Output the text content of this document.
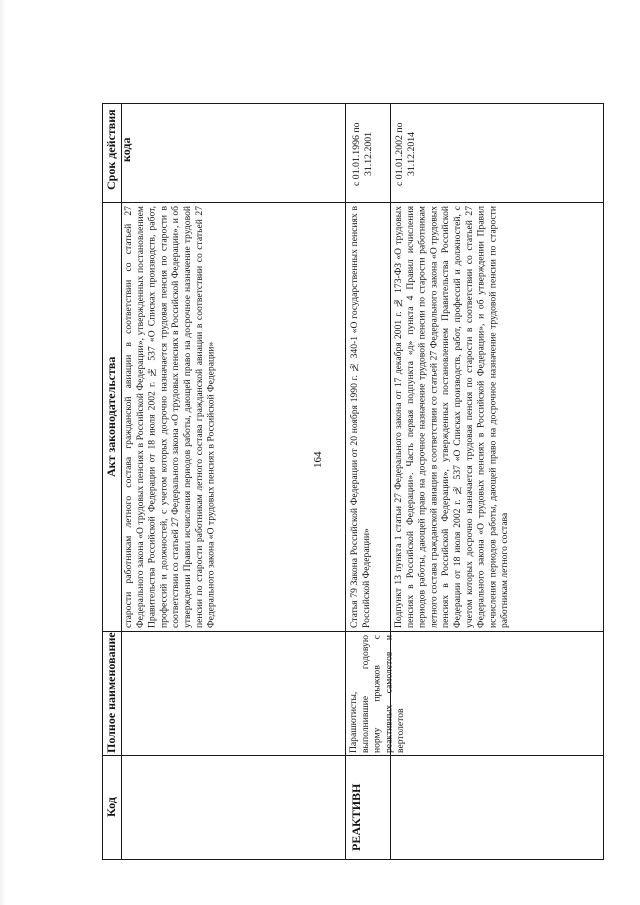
164
Срок действия кода
Акт законодательства
Полное наименование
Код
старости работникам летного состава гражданской авиации в соответствии со статьей 27 Федерального закона «О трудовых пенсиях в Российской Федерации», утвержденных постановлением Правительства Российской Федерации от 18 июля 2002 г. № 537 «О Списках производств, работ, профессий и должностей, с учетом которых досрочно назначается трудовая пенсия по старости в соответствии со статьей 27 Федерального закона «О трудовых пенсиях в Российской Федерации», и об утверждении Правил исчисления периодов работы, дающей право на досрочное назначение трудовой пенсии по старости работникам летного состава гражданской авиации в соответствии со статьей 27 Федерального закона «О трудовых пенсиях в Российской Федерации»
РЕАКТИВН
Парашютисты, выполнившие годовую норму прыжков с реактивных самолетов и вертолетов
Статья 79 Закона Российской Федерации от 20 ноября 1990 г. № 340-1 «О государственных пенсиях в Российской Федерации»
с 01.01.1996 по 31.12.2001
Подпункт 13 пункта 1 статьи 27 Федерального закона от 17 декабря 2001 г. № 173-ФЗ «О трудовых пенсиях в Российской Федерации». Часть первая подпункта «д» пункта 4 Правил исчисления периодов работы, дающей право на досрочное назначение трудовой пенсии по старости работникам летного состава гражданской авиации в соответствии со статьей 27 Федерального закона «О трудовых пенсиях в Российской Федерации», утвержденных постановлением Правительства Российской Федерации от 18 июля 2002 г. № 537 «О Списках производств, работ, профессий и должностей, с учетом которых досрочно назначается трудовая пенсия по старости в соответствии со статьей 27 Федерального закона «О трудовых пенсиях в Российской Федерации», и об утверждении Правил исчисления периодов работы, дающей право на досрочное назначение трудовой пенсии по старости работникам летного состава
с 01.01.2002 по 31.12.2014
